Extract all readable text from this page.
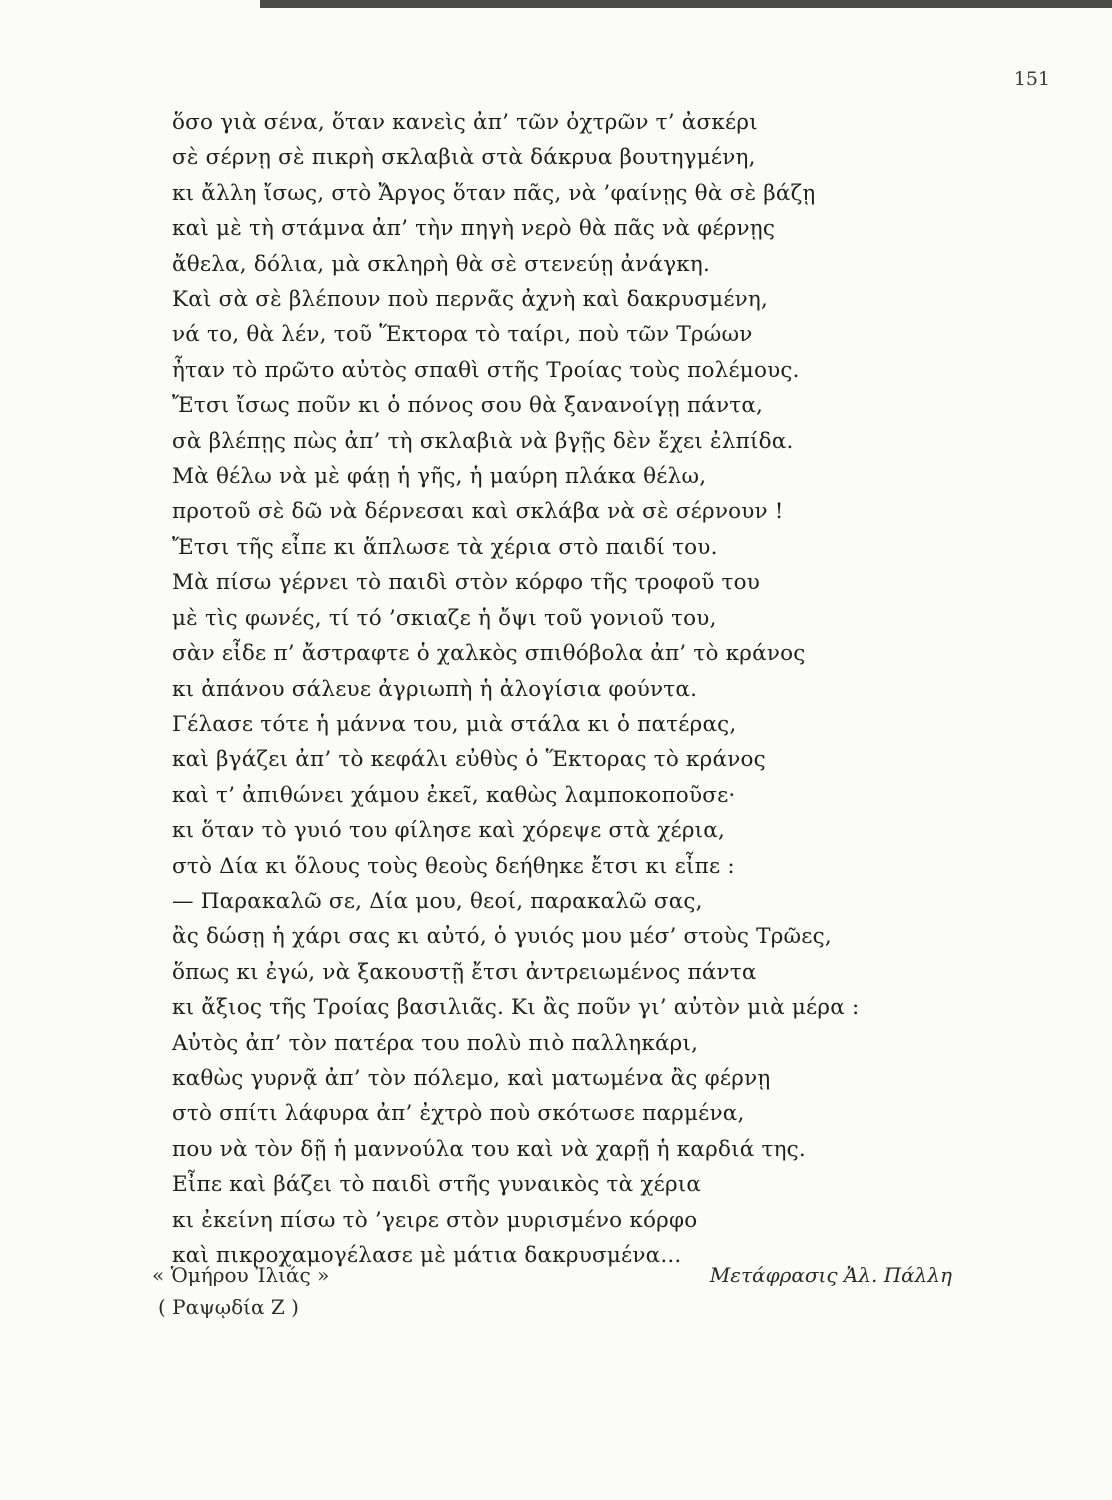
151
ὅσο γιὰ σένα, ὅταν κανεὶς ἀπ’ τῶν ὀχτρῶν τ’ ἀσκέρι
σὲ σέρνῃ σὲ πικρὴ σκλαβιὰ στὰ δάκρυα βουτηγμένη,
κι ἄλλη ἴσως, στὸ Ἄργος ὅταν πᾶς, νὰ ’φαίνῃς θὰ σὲ βάζῃ
καὶ μὲ τὴ στάμνα ἀπ’ τὴν πηγὴ νερὸ θὰ πᾶς νὰ φέρνῃς
ἄθελα, δόλια, μὰ σκληρὴ θὰ σὲ στενεύῃ ἀνάγκη.
Καὶ σὰ σὲ βλέπουν ποὺ περνᾶς ἀχνὴ καὶ δακρυσμένη,
νά το, θὰ λέν, τοῦ Ἕκτορα τὸ ταίρι, ποὺ τῶν Τρώων
ἦταν τὸ πρῶτο αὐτὸς σπαθὶ στῆς Τροίας τοὺς πολέμους.
Ἔτσι ἴσως ποῦν κι ὁ πόνος σου θὰ ξανανοίγῃ πάντα,
σὰ βλέπῃς πὼς ἀπ’ τὴ σκλαβιὰ νὰ βγῇς δὲν ἔχει ἐλπίδα.
Μὰ θέλω νὰ μὲ φάῃ ἡ γῆς, ἡ μαύρη πλάκα θέλω,
προτοῦ σὲ δῶ νὰ δέρνεσαι καὶ σκλάβα νὰ σὲ σέρνουν !
Ἔτσι τῆς εἶπε κι ἅπλωσε τὰ χέρια στὸ παιδί του.
Μὰ πίσω γέρνει τὸ παιδὶ στὸν κόρφο τῆς τροφοῦ του
μὲ τὶς φωνές, τί τό ’σκιαζε ἡ ὄψι τοῦ γονιοῦ του,
σὰν εἶδε π’ ἄστραφτε ὁ χαλκὸς σπιθόβολα ἀπ’ τὸ κράνος
κι ἀπάνου σάλευε ἀγριωπὴ ἡ ἀλογίσια φούντα.
Γέλασε τότε ἡ μάννα του, μιὰ στάλα κι ὁ πατέρας,
καὶ βγάζει ἀπ’ τὸ κεφάλι εὐθὺς ὁ Ἕκτορας τὸ κράνος
καὶ τ’ ἀπιθώνει χάμου ἐκεῖ, καθὼς λαμποκοποῦσε·
κι ὅταν τὸ γυιό του φίλησε καὶ χόρεψε στὰ χέρια,
στὸ Δία κι ὅλους τοὺς θεοὺς δεήθηκε ἔτσι κι εἶπε :
— Παρακαλῶ σε, Δία μου, θεοί, παρακαλῶ σας,
ἂς δώσῃ ἡ χάρι σας κι αὐτό, ὁ γυιός μου μέσ’ στοὺς Τρῶες,
ὅπως κι ἐγώ, νὰ ξακουστῇ ἔτσι ἀντρειωμένος πάντα
κι ἄξιος τῆς Τροίας βασιλιᾶς. Κι ἂς ποῦν γι’ αὐτὸν μιὰ μέρα :
Αὐτὸς ἀπ’ τὸν πατέρα του πολὺ πιὸ παλληκάρι,
καθὼς γυρνᾷ ἀπ’ τὸν πόλεμο, καὶ ματωμένα ἂς φέρνῃ
στὸ σπίτι λάφυρα ἀπ’ ἐχτρὸ ποὺ σκότωσε παρμένα,
που νὰ τὸν δῇ ἡ μαννούλα του καὶ νὰ χαρῇ ἡ καρδιά της.
Εἶπε καὶ βάζει τὸ παιδὶ στῆς γυναικὸς τὰ χέρια
κι ἐκείνη πίσω τὸ ’γειρε στὸν μυρισμένο κόρφο
καὶ πικροχαμογέλασε μὲ μάτια δακρυσμένα...
« Ὁμήρου Ἰλιάς »
( Ραψῳδία Ζ )
Μετάφρασις Ἀλ. Πάλλη
